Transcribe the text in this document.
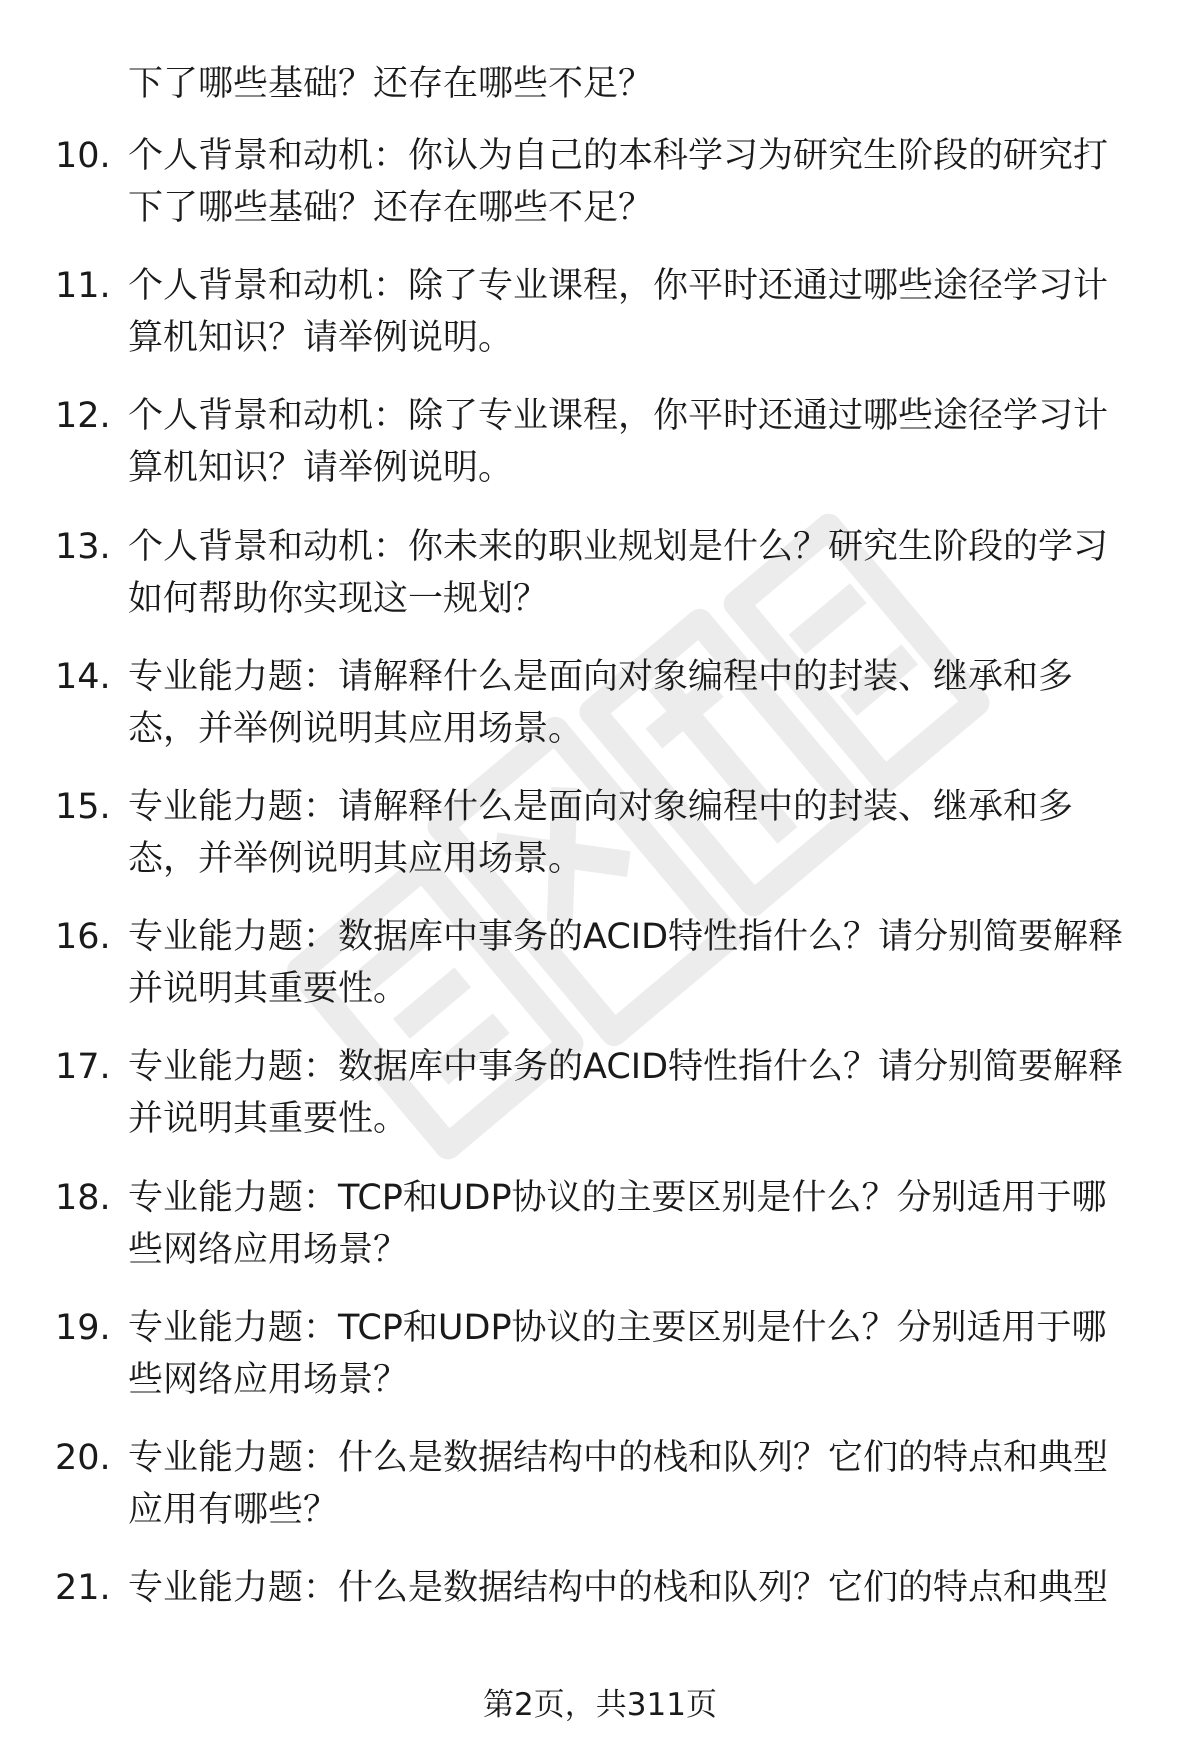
下了哪些基础？还存在哪些不足？
10. 个人背景和动机：你认为自己的本科学习为研究生阶段的研究打
下了哪些基础？还存在哪些不足？
11. 个人背景和动机：除了专业课程，你平时还通过哪些途径学习计
算机知识？请举例说明。
12. 个人背景和动机：除了专业课程，你平时还通过哪些途径学习计
算机知识？请举例说明。
13. 个人背景和动机：你未来的职业规划是什么？研究生阶段的学习
如何帮助你实现这一规划？
14. 专业能力题：请解释什么是面向对象编程中的封装、继承和多
态，并举例说明其应用场景。
15. 专业能力题：请解释什么是面向对象编程中的封装、继承和多
态，并举例说明其应用场景。
16. 专业能力题：数据库中事务的ACID特性指什么？请分别简要解释
并说明其重要性。
17. 专业能力题：数据库中事务的ACID特性指什么？请分别简要解释
并说明其重要性。
18. 专业能力题：TCP和UDP协议的主要区别是什么？分别适用于哪
些网络应用场景？
19. 专业能力题：TCP和UDP协议的主要区别是什么？分别适用于哪
些网络应用场景？
20. 专业能力题：什么是数据结构中的栈和队列？它们的特点和典型
应用有哪些？
21. 专业能力题：什么是数据结构中的栈和队列？它们的特点和典型
第2页，共311页
